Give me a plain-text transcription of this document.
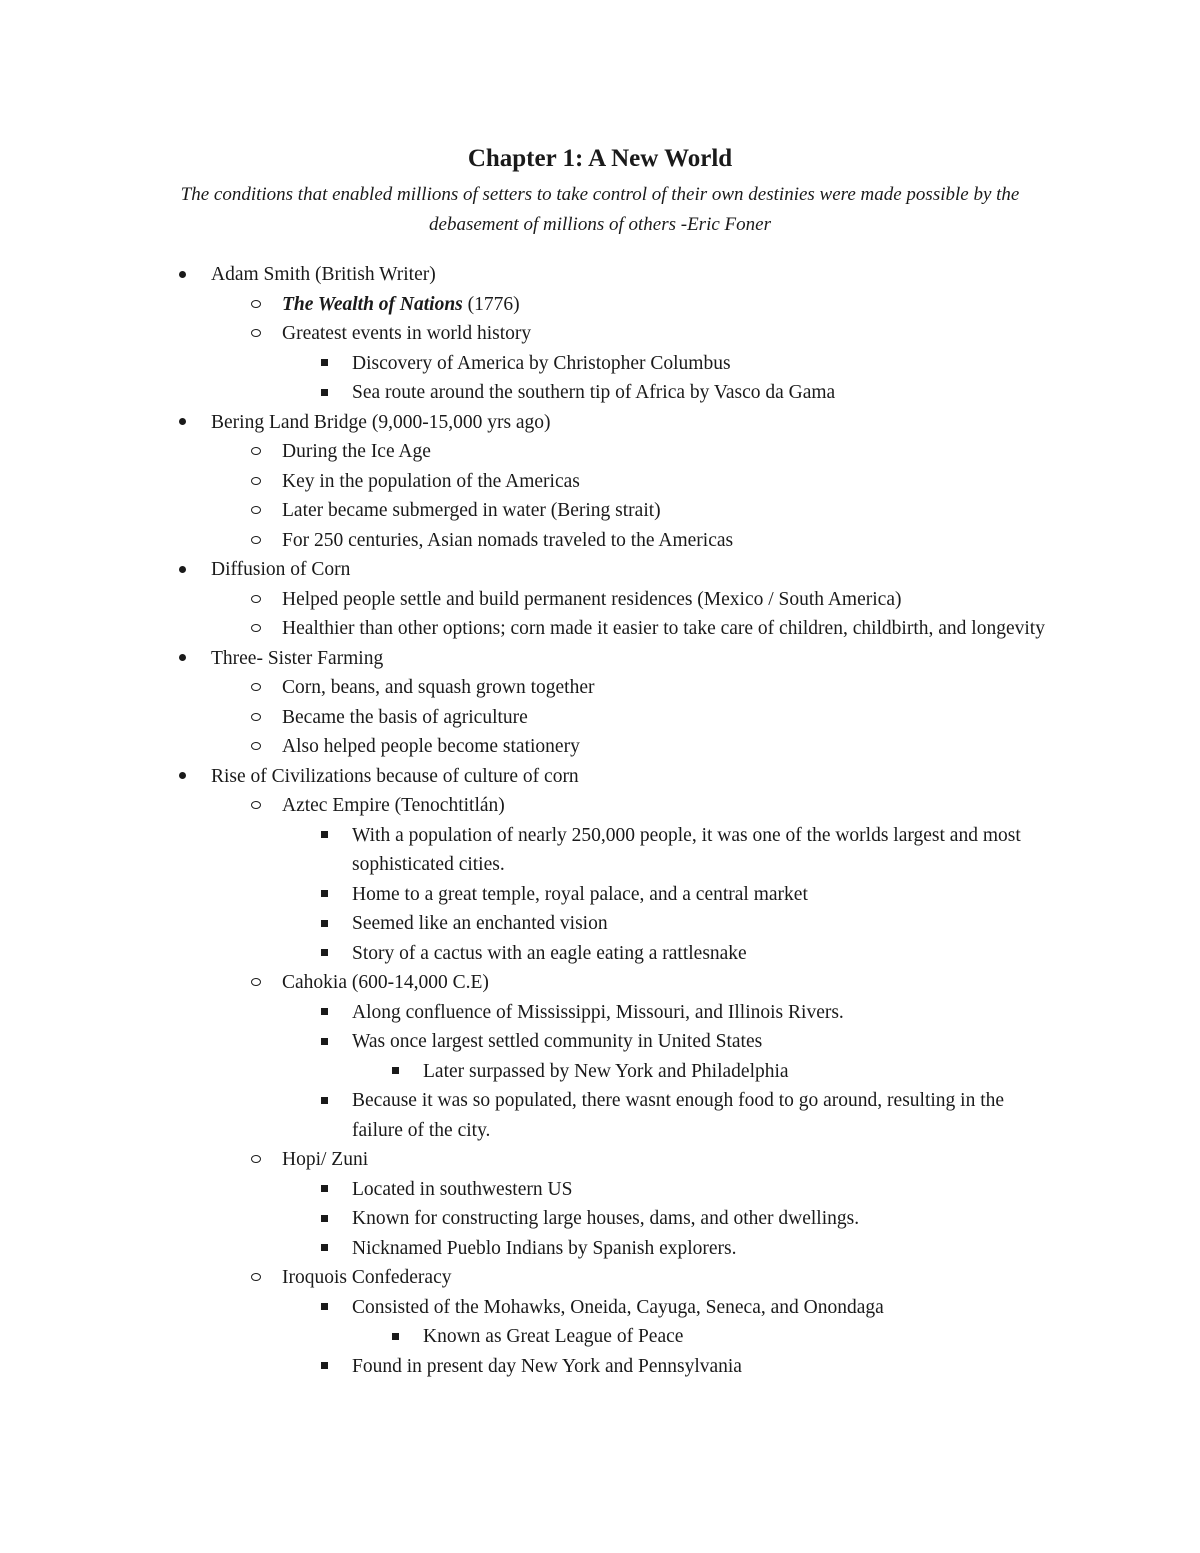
Chapter 1: A New World
The conditions that enabled millions of setters to take control of their own destinies were made possible by the debasement of millions of others -Eric Foner
Adam Smith (British Writer)
The Wealth of Nations (1776)
Greatest events in world history
Discovery of America by Christopher Columbus
Sea route around the southern tip of Africa by Vasco da Gama
Bering Land Bridge (9,000-15,000 yrs ago)
During the Ice Age
Key in the population of the Americas
Later became submerged in water (Bering strait)
For 250 centuries, Asian nomads traveled to the Americas
Diffusion of Corn
Helped people settle and build permanent residences (Mexico / South America)
Healthier than other options; corn made it easier to take care of children, childbirth, and longevity
Three- Sister Farming
Corn, beans, and squash grown together
Became the basis of agriculture
Also helped people become stationery
Rise of Civilizations because of culture of corn
Aztec Empire (Tenochtitlán)
With a population of nearly 250,000 people, it was one of the worlds largest and most sophisticated cities.
Home to a great temple, royal palace, and a central market
Seemed like an enchanted vision
Story of a cactus with an eagle eating a rattlesnake
Cahokia (600-14,000 C.E)
Along confluence of Mississippi, Missouri, and Illinois Rivers.
Was once largest settled community in United States
Later surpassed by New York and Philadelphia
Because it was so populated, there wasnt enough food to go around, resulting in the failure of the city.
Hopi/ Zuni
Located in southwestern US
Known for constructing large houses, dams, and other dwellings.
Nicknamed Pueblo Indians by Spanish explorers.
Iroquois Confederacy
Consisted of the Mohawks, Oneida, Cayuga, Seneca, and Onondaga
Known as Great League of Peace
Found in present day New York and Pennsylvania
